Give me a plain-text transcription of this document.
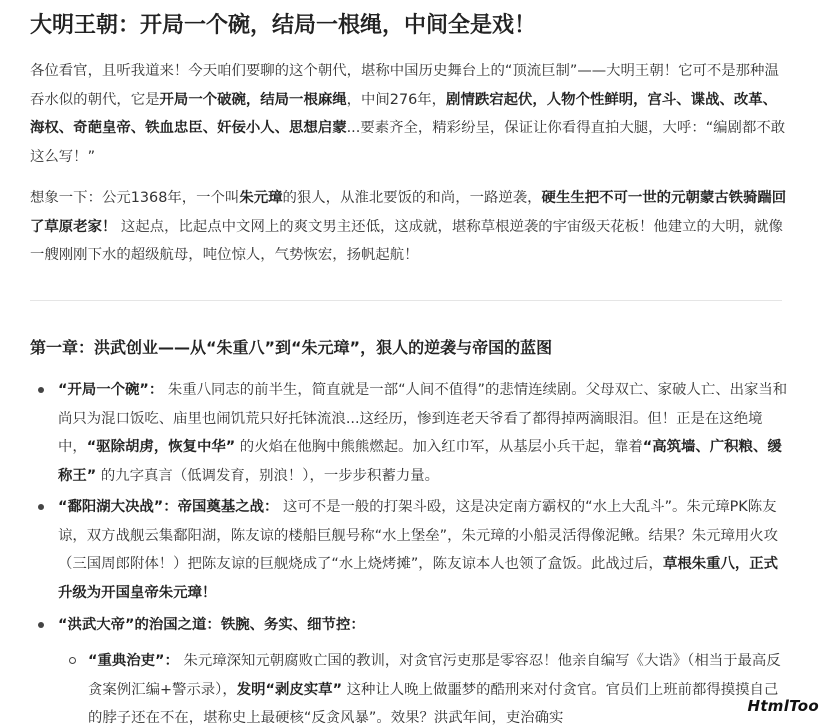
大明王朝：开局一个碗，结局一根绳，中间全是戏！

各位看官，且听我道来！今天咱们要聊的这个朝代，堪称中国历史舞台上的“顶流巨制”——大明王朝！它可不是那种温吞水似的朝代，它是开局一个破碗，结局一根麻绳，中间276年，剧情跌宕起伏，人物个性鲜明，宫斗、谍战、改革、海权、奇葩皇帝、铁血忠臣、奸佞小人、思想启蒙...要素齐全，精彩纷呈，保证让你看得直拍大腿，大呼：“编剧都不敢这么写！”

想象一下：公元1368年，一个叫朱元璋的狠人，从淮北要饭的和尚，一路逆袭，硬生生把不可一世的元朝蒙古铁骑踹回了草原老家！ 这起点，比起点中文网上的爽文男主还低，这成就，堪称草根逆袭的宇宙级天花板！他建立的大明，就像一艘刚刚下水的超级航母，吨位惊人，气势恢宏，扬帆起航！

第一章：洪武创业——从“朱重八”到“朱元璋”，狠人的逆袭与帝国的蓝图

“开局一个碗”： 朱重八同志的前半生，简直就是一部“人间不值得”的悲情连续剧。父母双亡、家破人亡、出家当和尚只为混口饭吃、庙里也闹饥荒只好托钵流浪...这经历，惨到连老天爷看了都得掉两滴眼泪。但！正是在这绝境中，“驱除胡虏，恢复中华” 的火焰在他胸中熊熊燃起。加入红巾军，从基层小兵干起，靠着“高筑墙、广积粮、缓称王” 的九字真言（低调发育，别浪！），一步步积蓄力量。

“鄱阳湖大决战”：帝国奠基之战： 这可不是一般的打架斗殴，这是决定南方霸权的“水上大乱斗”。朱元璋PK陈友谅，双方战舰云集鄱阳湖，陈友谅的楼船巨舰号称“水上堡垒”，朱元璋的小船灵活得像泥鳅。结果？朱元璋用火攻（三国周郎附体！）把陈友谅的巨舰烧成了“水上烧烤摊”，陈友谅本人也领了盒饭。此战过后，草根朱重八，正式升级为开国皇帝朱元璋！

“洪武大帝”的治国之道：铁腕、务实、细节控：

“重典治吏”： 朱元璋深知元朝腐败亡国的教训，对贪官污吏那是零容忍！他亲自编写《大诰》（相当于最高反贪案例汇编+警示录），发明“剥皮实草” 这种让人晚上做噩梦的酷刑来对付贪官。官员们上班前都得摸摸自己的脖子还在不在，堪称史上最硬核“反贪风暴”。效果？洪武年间，吏治确实

HtmlToo
